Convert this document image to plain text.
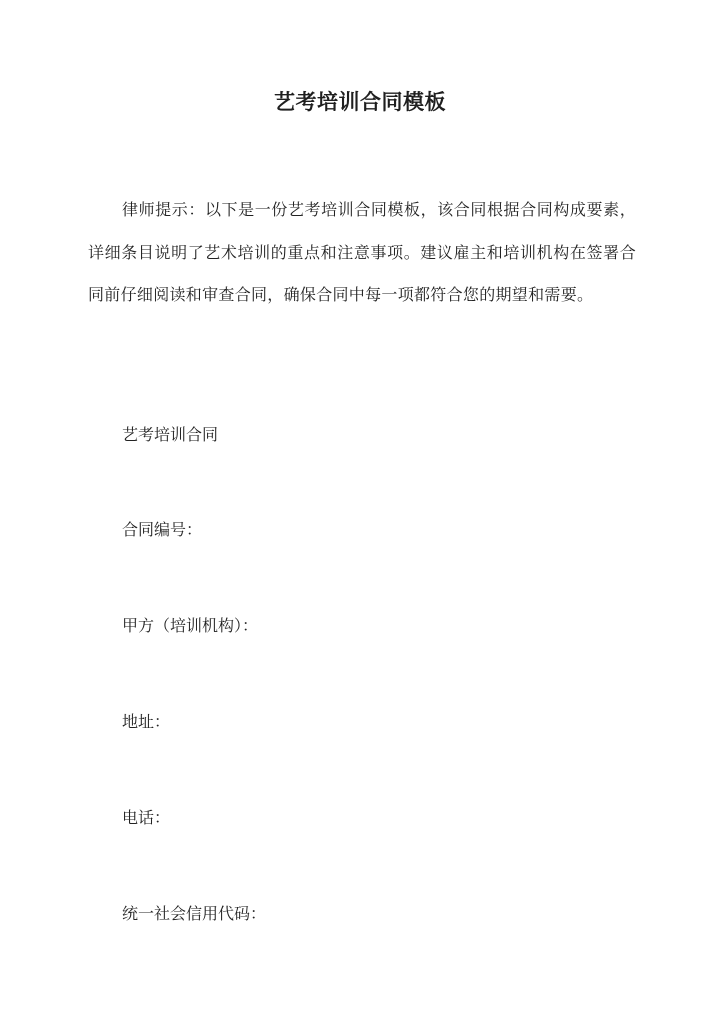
艺考培训合同模板
律师提示：以下是一份艺考培训合同模板，该合同根据合同构成要素，详细条目说明了艺术培训的重点和注意事项。建议雇主和培训机构在签署合同前仔细阅读和审查合同，确保合同中每一项都符合您的期望和需要。
艺考培训合同
合同编号：
甲方（培训机构）：
地址：
电话：
统一社会信用代码：
